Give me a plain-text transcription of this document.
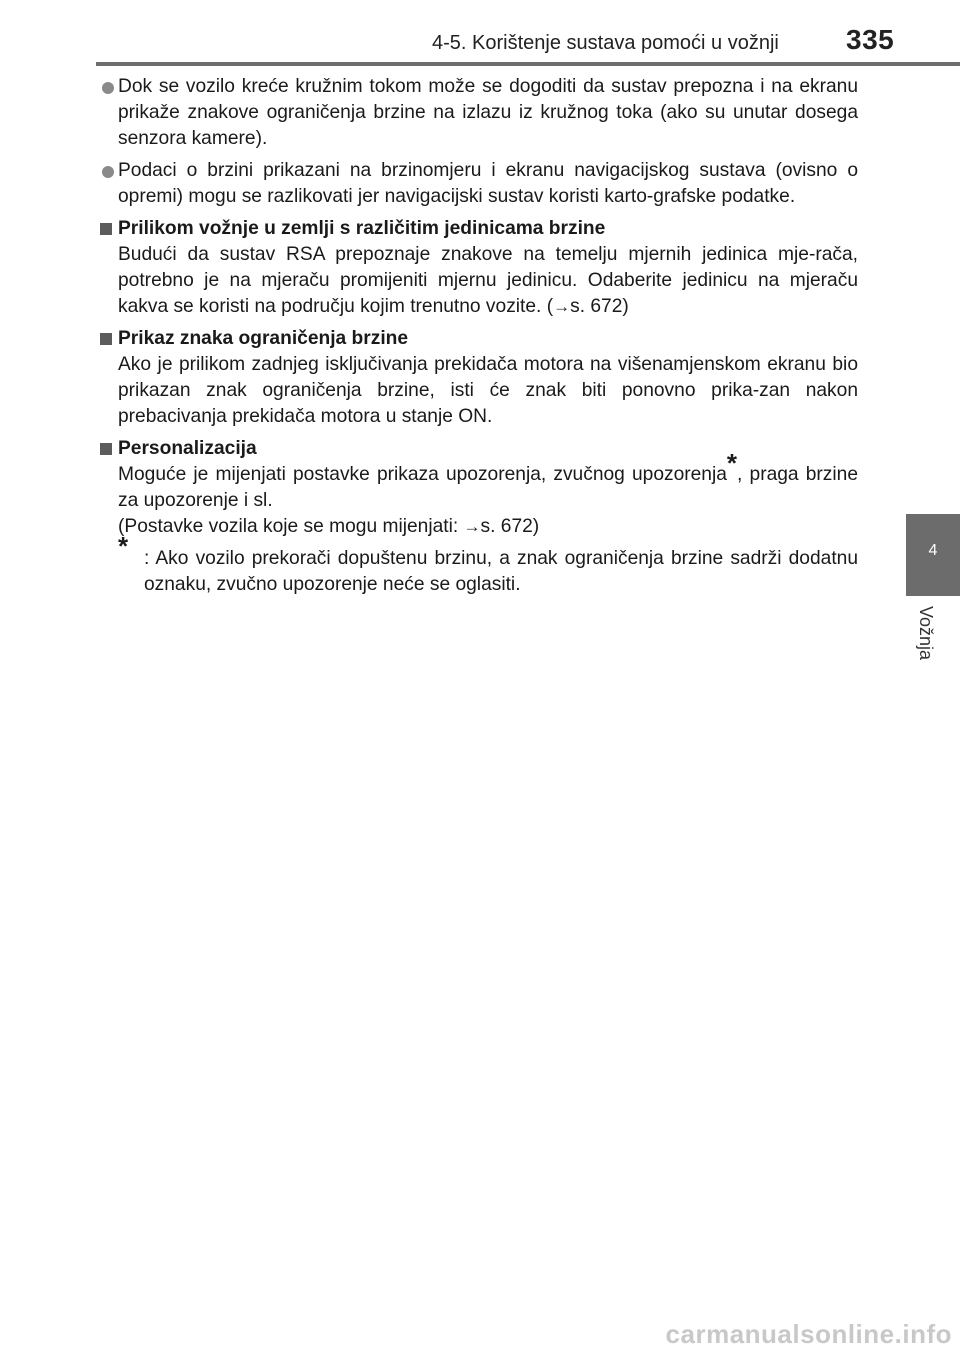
4-5. Korištenje sustava pomoći u vožnji 335
4
Vožnja
Dok se vozilo kreće kružnim tokom može se dogoditi da sustav prepozna i na ekranu prikaže znakove ograničenja brzine na izlazu iz kružnog toka (ako su unutar dosega senzora kamere).
Podaci o brzini prikazani na brzinomjeru i ekranu navigacijskog sustava (ovisno o opremi) mogu se razlikovati jer navigacijski sustav koristi karto-grafske podatke.
Prilikom vožnje u zemlji s različitim jedinicama brzine
Budući da sustav RSA prepoznaje znakove na temelju mjernih jedinica mje-rača, potrebno je na mjeraču promijeniti mjernu jedinicu. Odaberite jedinicu na mjeraču kakva se koristi na području kojim trenutno vozite. (→s. 672)
Prikaz znaka ograničenja brzine
Ako je prilikom zadnjeg isključivanja prekidača motora na višenamjenskom ekranu bio prikazan znak ograničenja brzine, isti će znak biti ponovno prika-zan nakon prebacivanja prekidača motora u stanje ON.
Personalizacija
Moguće je mijenjati postavke prikaza upozorenja, zvučnog upozorenja*, praga brzine za upozorenje i sl.
(Postavke vozila koje se mogu mijenjati: →s. 672)
* : Ako vozilo prekorači dopuštenu brzinu, a znak ograničenja brzine sadrži dodatnu oznaku, zvučno upozorenje neće se oglasiti.
carmanualsonline.info
